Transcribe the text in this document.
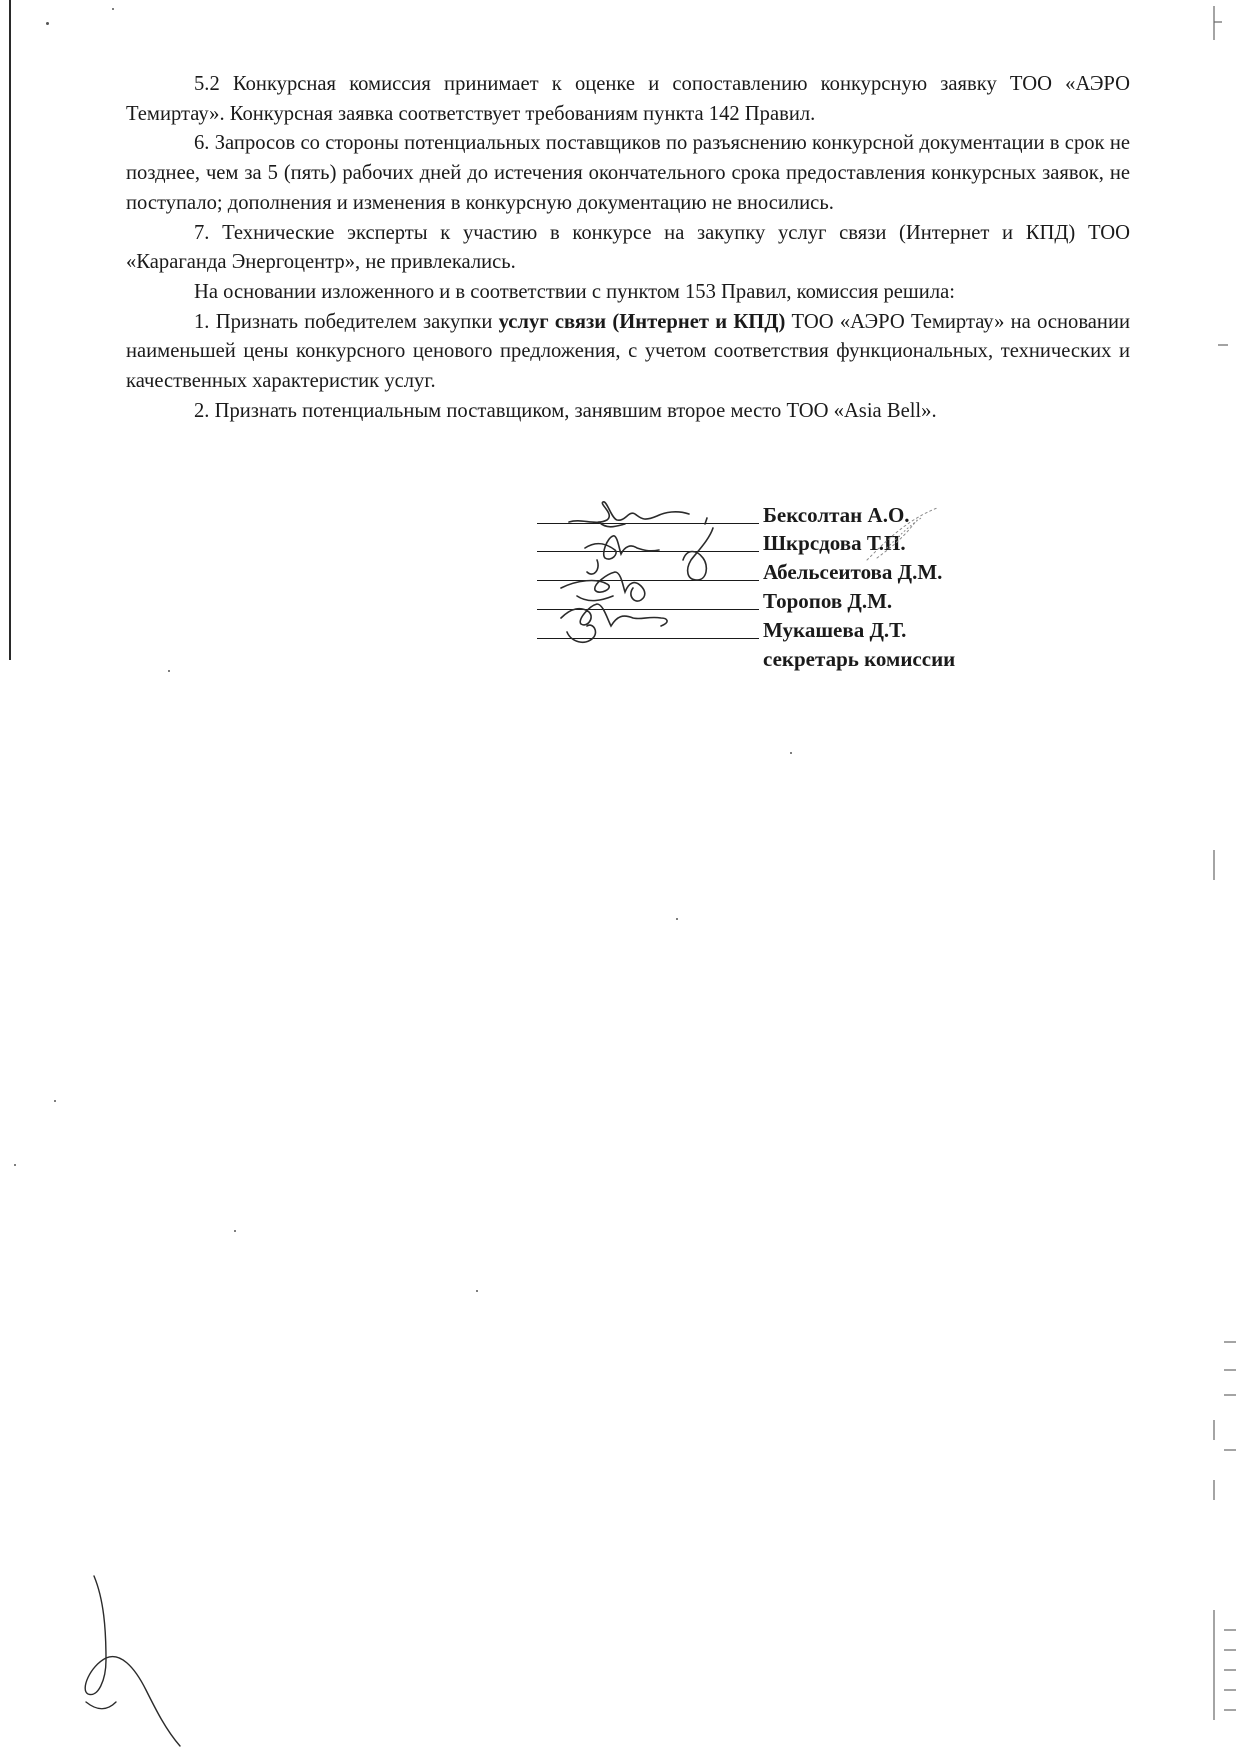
5.2 Конкурсная комиссия принимает к оценке и сопоставлению конкурсную заявку ТОО «АЭРО Темиртау». Конкурсная заявка соответствует требованиям пункта 142 Правил.

6. Запросов со стороны потенциальных поставщиков по разъяснению конкурсной документации в срок не позднее, чем за 5 (пять) рабочих дней до истечения окончательного срока предоставления конкурсных заявок, не поступало; дополнения и изменения в конкурсную документацию не вносились.

7. Технические эксперты к участию в конкурсе на закупку услуг связи (Интернет и КПД) ТОО «Караганда Энергоцентр», не привлекались.

На основании изложенного и в соответствии с пунктом 153 Правил, комиссия решила:

1. Признать победителем закупки услуг связи (Интернет и КПД) ТОО «АЭРО Темиртау» на основании наименьшей цены конкурсного ценового предложения, с учетом соответствия функциональных, технических и качественных характеристик услуг.

2. Признать потенциальным поставщиком, занявшим второе место ТОО «Asia Bell».

Бексолтан А.О.
Шкрсдова Т.П.
Абельсеитова Д.М.
Торопов Д.М.
Мукашева Д.Т.
секретарь комиссии
